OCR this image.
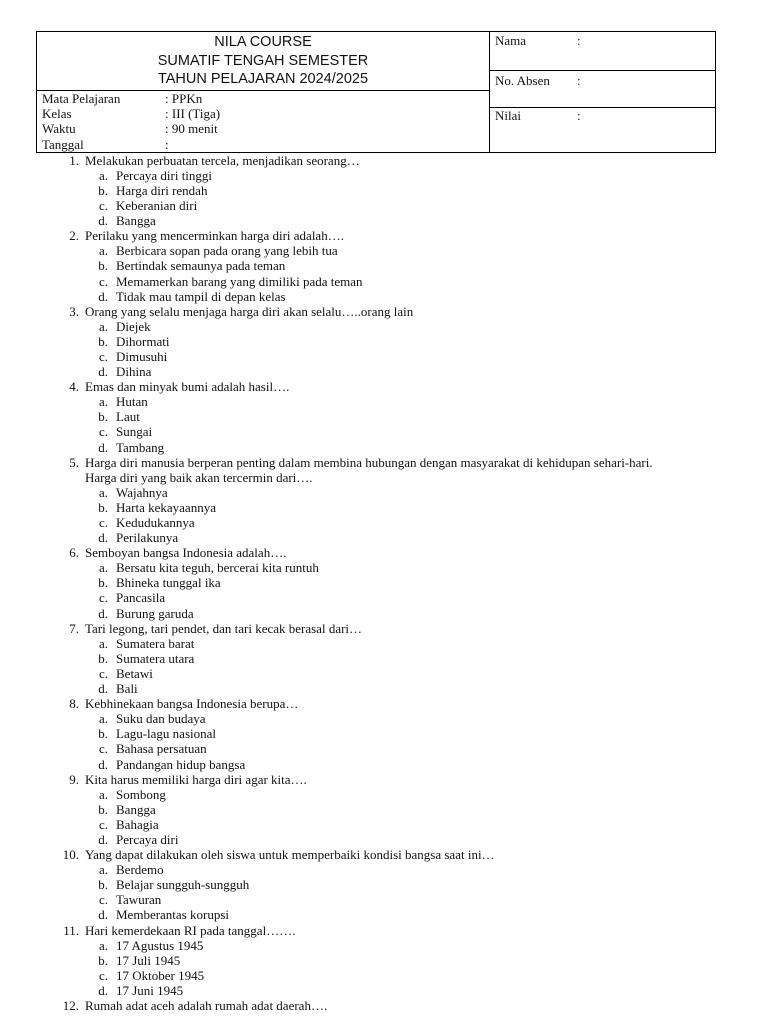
NILA COURSE
SUMATIF TENGAH SEMESTER
TAHUN PELAJARAN 2024/2025
Mata Pelajaran	: PPKn
Kelas	: III (Tiga)
Waktu	: 90 menit
Tanggal	:
Nama	:
No. Absen	:
Nilai	:
1. Melakukan perbuatan tercela, menjadikan seorang…
a. Percaya diri tinggi
b. Harga diri rendah
c. Keberanian diri
d. Bangga
2. Perilaku yang mencerminkan harga diri adalah….
a. Berbicara sopan pada orang yang lebih tua
b. Bertindak semaunya pada teman
c. Memamerkan barang yang dimiliki pada teman
d. Tidak mau tampil di depan kelas
3. Orang yang selalu menjaga harga diri akan selalu…..orang lain
a. Diejek
b. Dihormati
c. Dimusuhi
d. Dihina
4. Emas dan minyak bumi adalah hasil….
a. Hutan
b. Laut
c. Sungai
d. Tambang
5. Harga diri manusia berperan penting dalam membina hubungan dengan masyarakat di kehidupan sehari-hari.
Harga diri yang baik akan tercermin dari….
a. Wajahnya
b. Harta kekayaannya
c. Kedudukannya
d. Perilakunya
6. Semboyan bangsa Indonesia adalah….
a. Bersatu kita teguh, bercerai kita runtuh
b. Bhineka tunggal ika
c. Pancasila
d. Burung garuda
7. Tari legong, tari pendet, dan tari kecak berasal dari…
a. Sumatera barat
b. Sumatera utara
c. Betawi
d. Bali
8. Kebhinekaan bangsa Indonesia berupa…
a. Suku dan budaya
b. Lagu-lagu nasional
c. Bahasa persatuan
d. Pandangan hidup bangsa
9. Kita harus memiliki harga diri agar kita….
a. Sombong
b. Bangga
c. Bahagia
d. Percaya diri
10. Yang dapat dilakukan oleh siswa untuk memperbaiki kondisi bangsa saat ini…
a. Berdemo
b. Belajar sungguh-sungguh
c. Tawuran
d. Memberantas korupsi
11. Hari kemerdekaan RI pada tanggal…….
a. 17 Agustus 1945
b. 17 Juli 1945
c. 17 Oktober 1945
d. 17 Juni 1945
12. Rumah adat aceh adalah rumah adat daerah….
